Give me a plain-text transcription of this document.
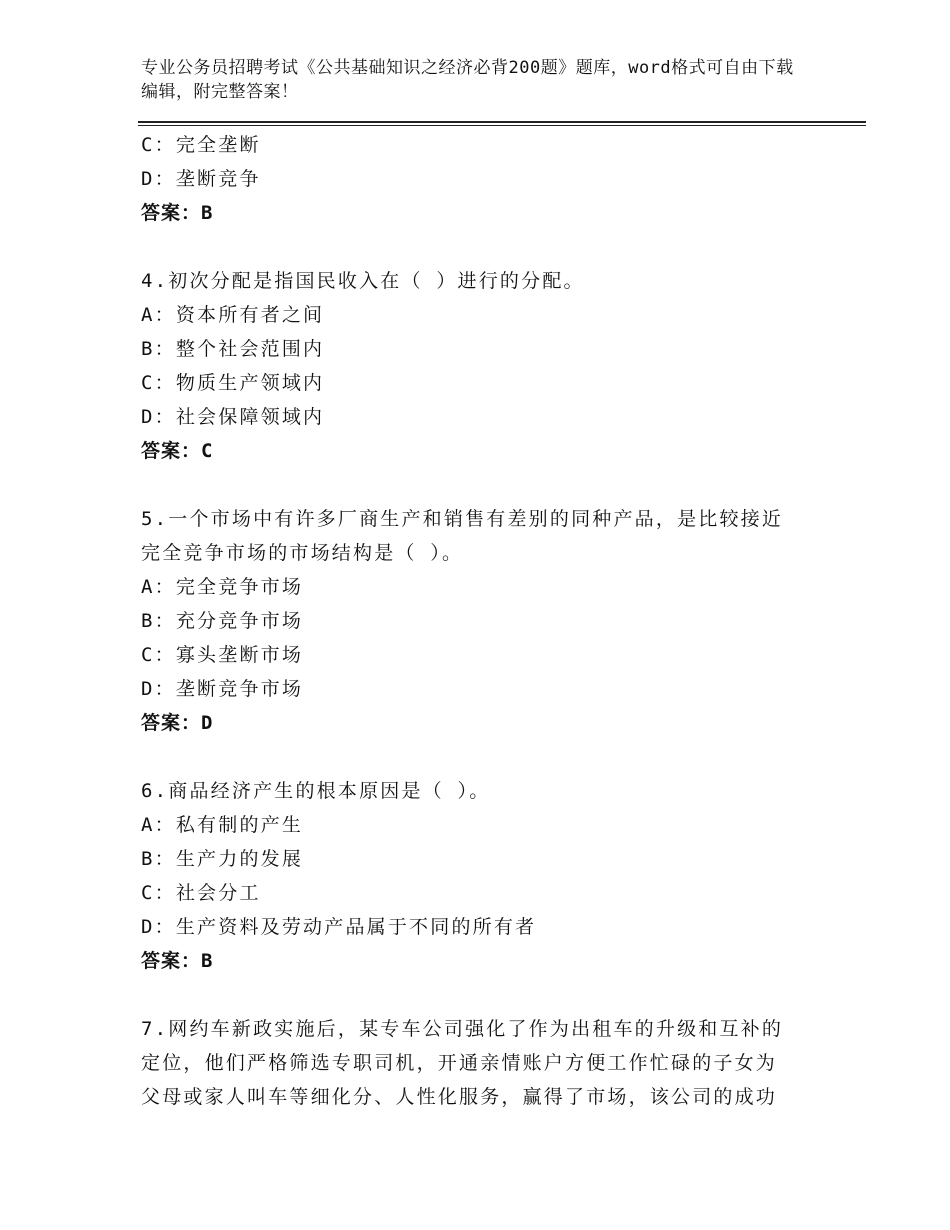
专业公务员招聘考试《公共基础知识之经济必背200题》题库，word格式可自由下载编辑，附完整答案！
C：完全垄断
D：垄断竞争
答案：B
4.初次分配是指国民收入在（ ）进行的分配。
A：资本所有者之间
B：整个社会范围内
C：物质生产领域内
D：社会保障领域内
答案：C
5.一个市场中有许多厂商生产和销售有差别的同种产品，是比较接近
完全竞争市场的市场结构是（ ）。
A：完全竞争市场
B：充分竞争市场
C：寡头垄断市场
D：垄断竞争市场
答案：D
6.商品经济产生的根本原因是（ ）。
A：私有制的产生
B：生产力的发展
C：社会分工
D：生产资料及劳动产品属于不同的所有者
答案：B
7.网约车新政实施后，某专车公司强化了作为出租车的升级和互补的
定位，他们严格筛选专职司机，开通亲情账户方便工作忙碌的子女为
父母或家人叫车等细化分、人性化服务，赢得了市场，该公司的成功
